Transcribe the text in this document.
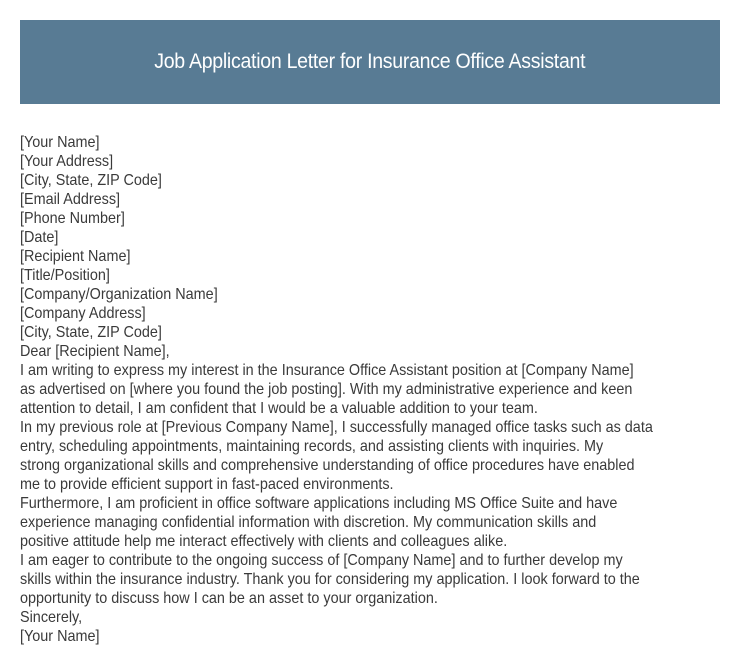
Job Application Letter for Insurance Office Assistant
[Your Name]
[Your Address]
[City, State, ZIP Code]
[Email Address]
[Phone Number]
[Date]
[Recipient Name]
[Title/Position]
[Company/Organization Name]
[Company Address]
[City, State, ZIP Code]
Dear [Recipient Name],
I am writing to express my interest in the Insurance Office Assistant position at [Company Name]
as advertised on [where you found the job posting]. With my administrative experience and keen
attention to detail, I am confident that I would be a valuable addition to your team.
In my previous role at [Previous Company Name], I successfully managed office tasks such as data
entry, scheduling appointments, maintaining records, and assisting clients with inquiries. My
strong organizational skills and comprehensive understanding of office procedures have enabled
me to provide efficient support in fast-paced environments.
Furthermore, I am proficient in office software applications including MS Office Suite and have
experience managing confidential information with discretion. My communication skills and
positive attitude help me interact effectively with clients and colleagues alike.
I am eager to contribute to the ongoing success of [Company Name] and to further develop my
skills within the insurance industry. Thank you for considering my application. I look forward to the
opportunity to discuss how I can be an asset to your organization.
Sincerely,
[Your Name]
